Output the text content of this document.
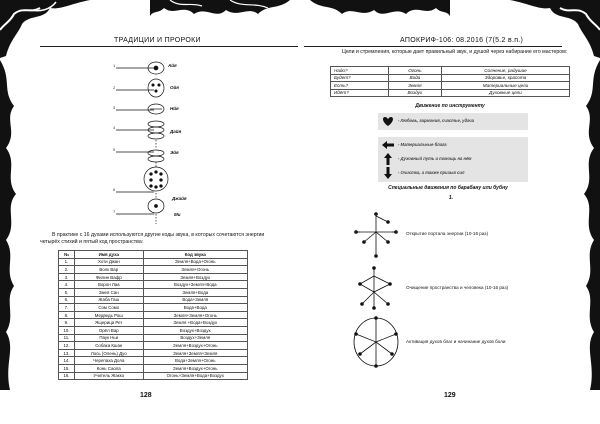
ТРАДИЦИИ И ПРОРОКИ
1
2
3
4
5
6
7
Айя
Ойя
Нйя
Дайя
Эйя
Джайя
Ми
В практике с 16 духами используются другие коды звука, в которых сочетаются энергии четырёх стихий и пятый код пространства:
№	Имя духа	Код звука
1.	Хоти Джан	Земля+Вода+Огонь
2.	Волк Вар	Земля+Огонь
3.	Филин Вафр	Земля+Воздух
4.	Ворон Лаа	Воздух+Земля+Вода
5.	Змея Сан	Земля+Вода
6.	Жаба Гаш	Вода+Земля
7.	Сом Сомо	Вода+Вода
8.	Медведь Рош	Земля+Земля+Огонь
9.	Ящерица Рет	Земля +Вода+Воздух
10.	Орёл Вар	Воздух+Воздух
11.	Паук Ньи	Воздух+Земля
12.	Собака Кшан	Земля+Воздух+Огонь
13.	Лось (Олень) Дуо	Земля+Земля+Земля
14.	Черепаха Дола	Вода+Земля+Огонь
15.	Конь Саола	Земля+Воздух+Огонь
16.	Учитель Жакко	Огонь+Земля+Вода+Воздух
128
АПОКРИФ-106: 08.2016 (7(5.2 в.п.)
Цели и стремления, которые дает правильный звук, и душой через набирание его мастером:
Надо?	Огонь	Солнение, радушие
Будет?	Вода	Здоровье, красота
Есть?	Земля	Материальные цели
Идёт?	Воздух	Духовные цели
Движение по инструменту
- Любовь, гармония, счастье, удача
- Материальные блага
- Духовный путь и помощь на нём
- Очистка, а также призыв сил
Специальные движения по барабану или бубну
1.
Открытие портала энергии (10-16 раз)
Очищение пространства и человека (10-16 раз)
Активация духов благ и начинание духов боли
129
